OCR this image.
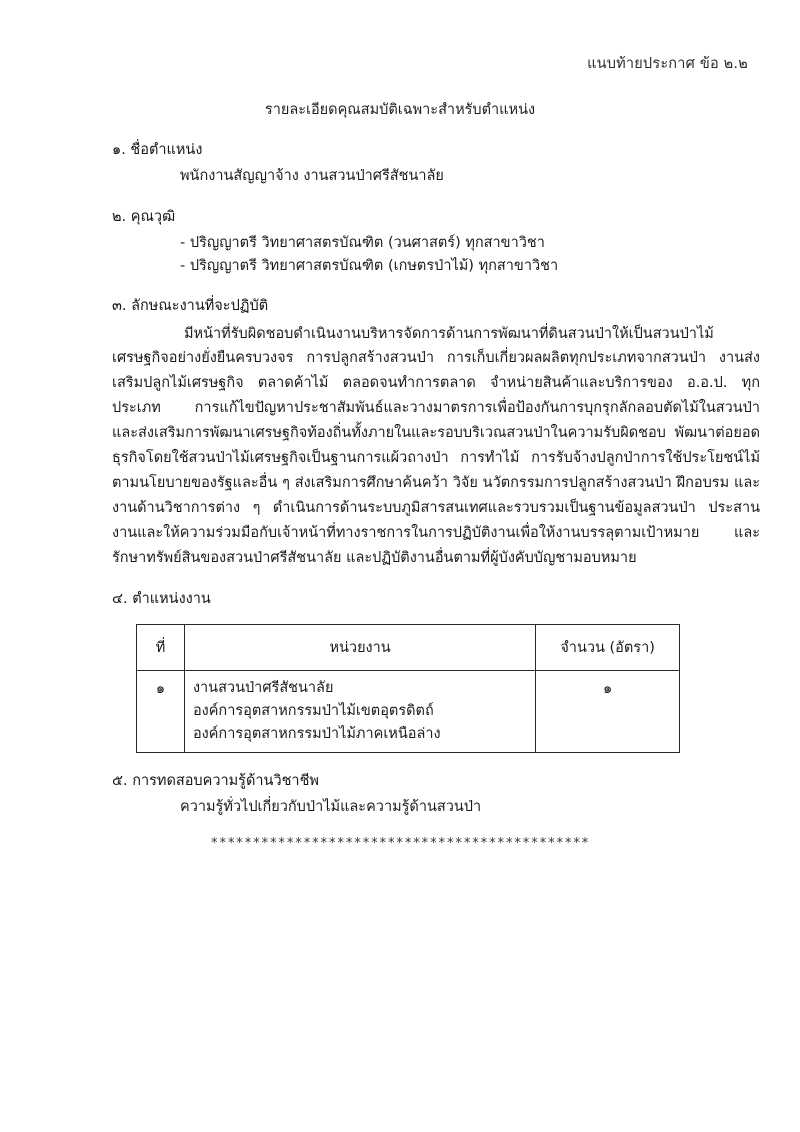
แนบท้ายประกาศ ข้อ ๒.๒
รายละเอียดคุณสมบัติเฉพาะสำหรับตำแหน่ง
๑. ชื่อตำแหน่ง
พนักงานสัญญาจ้าง งานสวนป่าศรีสัชนาลัย
๒. คุณวุฒิ
- ปริญญาตรี วิทยาศาสตรบัณฑิต (วนศาสตร์) ทุกสาขาวิชา
- ปริญญาตรี วิทยาศาสตรบัณฑิต (เกษตรป่าไม้) ทุกสาขาวิชา
๓. ลักษณะงานที่จะปฏิบัติ

มีหน้าที่รับผิดชอบดำเนินงานบริหารจัดการด้านการพัฒนาที่ดินสวนป่าให้เป็นสวนป่าไม้เศรษฐกิจอย่างยั่งยืนครบวงจร การปลูกสร้างสวนป่า การเก็บเกี่ยวผลผลิตทุกประเภทจากสวนป่า งานส่งเสริมปลูกไม้เศรษฐกิจ ตลาดค้าไม้ ตลอดจนทำการตลาด จำหน่ายสินค้าและบริการของ อ.อ.ป. ทุกประเภท การแก้ไขปัญหาประชาสัมพันธ์และวางมาตรการเพื่อป้องกันการบุกรุกลักลอบตัดไม้ในสวนป่า และส่งเสริมการพัฒนาเศรษฐกิจท้องถิ่นทั้งภายในและรอบบริเวณสวนป่าในความรับผิดชอบ พัฒนาต่อยอดธุรกิจโดยใช้สวนป่าไม้เศรษฐกิจเป็นฐานการแผ้วถางป่า การทำไม้ การรับจ้างปลูกป่าการใช้ประโยชน์ไม้ตามนโยบายของรัฐและอื่น ๆ ส่งเสริมการศึกษาค้นคว้า วิจัย นวัตกรรมการปลูกสร้างสวนป่า ฝึกอบรม และงานด้านวิชาการต่าง ๆ ดำเนินการด้านระบบภูมิสารสนเทศและรวบรวมเป็นฐานข้อมูลสวนป่า ประสานงานและให้ความร่วมมือกับเจ้าหน้าที่ทางราชการในการปฏิบัติงานเพื่อให้งานบรรลุตามเป้าหมาย และรักษาทรัพย์สินของสวนป่าศรีสัชนาลัย และปฏิบัติงานอื่นตามที่ผู้บังคับบัญชามอบหมาย

๔. ตำแหน่งงาน
ที่	หน่วยงาน	จำนวน (อัตรา)
๑	งานสวนป่าศรีสัชนาลัย
องค์การอุตสาหกรรมป่าไม้เขตอุตรดิตถ์
องค์การอุตสาหกรรมป่าไม้ภาคเหนือล่าง	๑
๕. การทดสอบความรู้ด้านวิชาชีพ
ความรู้ทั่วไปเกี่ยวกับป่าไม้และความรู้ด้านสวนป่า
*********************************************
